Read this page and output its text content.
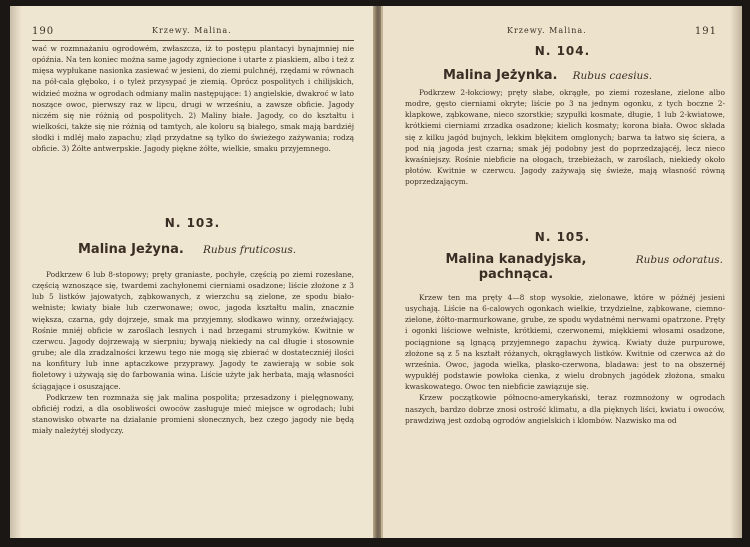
190	Krzewy. Malina.

wać w rozmnażaniu ogrodowém, zwłaszcza, iż to postępu plantacyi bynajmniej nie opóźnia. Na ten koniec można same jagody zgniecione i utarte z piaskiem, albo i też z mięsa wypłukane nasionka zasiewać w jesieni, do ziemi pulchnéj, rzędami w równach na pół-cala głęboko, i o tyleż przysypać je ziemią. Oprócz pospolitych i chilijskich, widzieć można w ogrodach odmiany malin następujące: 1) angielskie, dwakroć w lato noszące owoc, pierwszy raz w lipcu, drugi w wrześniu, a zawsze obficie. Jagody niczém się nie różnią od pospolitych. 2) Maliny białe. Jagody, co do kształtu i wielkości, także się nie różnią od tamtych, ale koloru są białego, smak mają bardziéj słodki i mdléj mało zapachu; zląd przydatne są tylko do świeżego zażywania; rodzą obficie. 3) Żółte antwerpskie. Jagody piękne żółte, wielkie, smaku przyjemnego.

N. 103.
Malina Jeżyna. Rubus fruticosus.

Podkrzew 6 lub 8-stopowy; pręty graniaste, pochyłe, częścią po ziemi rozesłane, częścią wznoszące się, twardemi zachyłonemi cierniami osadzone; liście złożone z 3 lub 5 listków jajowatych, ząbkowanych, z wierzchu są zielone, ze spodu biało-wełniste; kwiaty białe lub czerwonawe; owoc, jagoda kształtu malin, znacznie większa, czarna, gdy dojrzeje, smak ma przyjemny, słodkawo winny, orzeźwiający. Rośnie mniéj obficie w zaroślach lesnych i nad brzegami strumyków. Kwitnie w czerwcu. Jagody dojrzewają w sierpniu; bywają niekiedy na cal długie i stosownie grube; ale dla zradzalności krzewu tego nie mogą się zbierać w dostateczniéj ilości na konfitury lub inne aptaczkowe przyprawy. Jagody te zawierają w sobie sok fioletowy i używają się do farbowania wina. Liście użyte jak herbata, mają własności ściągające i osuszające.

Podkrzew ten rozmnaża się jak malina pospolita; przesadzony i pielęgnowany, obficiéj rodzi, a dla osobliwości owoców zasługuje mieć miejsce w ogrodach; lubi stanowisko otwarte na działanie promieni słonecznych, bez czego jagody nie będą miały należytéj słodyczy.

Krzewy. Malina.	191
N. 104.
Malina Jeżynka. Rubus caesius.

Podkrzew 2-łokciowy; pręty słabe, okrągłe, po ziemi rozesłane, zielone albo modre, gęsto cierniami okryte; liście po 3 na jednym ogonku, z tych boczne 2-klapkowe, ząbkowane, nieco szorstkie; szypułki kosmate, długie, 1 lub 2-kwiatowe, krótkiemi cierniami zrzadka osadzone; kielich kosmaty; korona biała. Owoc składa się z kilku jagód bujnych, lekkim błękitem omglonych; barwa ta łatwo się ściera, a pod nią jagoda jest czarna; smak jéj podobny jest do poprzedzającéj, lecz nieco kwaśniejszy. Rośnie niebficie na ołogach, trzebieżach, w zaroślach, niekiedy około płotów. Kwitnie w czerwcu. Jagody zażywają się świeże, mają własność równą poprzedzającym.

N. 105.
Rubus odoratus.
Malina kanadyjska, pachnąca.

Krzew ten ma pręty 4—8 stop wysokie, zielonawe, które w późnéj jesieni usychają. Liście na 6-calowych ogonkach wielkie, trzydzielne, ząbkowane, ciemno-zielone, żółto-marmurkowane, grube, ze spodu wydatnémi nerwami opatrzone. Pręty i ogonki liściowe wełniste, krótkiemi, czerwonemi, miękkiemi włosami osadzone, pociągnione są lgnącą przyjemnego zapachu żywicą. Kwiaty duże purpurowe, złożone są z 5 na kształt różanych, okrągławych listków. Kwitnie od czerwca aż do września. Owoc, jagoda wielka, płasko-czerwona, bladawa: jest to na obszernéj wypukłéj podstawie powłoka cienka, z wielu drobnych jagódek złożona, smaku kwaskowatego. Owoc ten niebficie zawiązuje się.

Krzew początkowie północno-amerykański, teraz rozmnożony w ogrodach naszych, bardzo dobrze znosi ostrość klimatu, a dla pięknych liści, kwiatu i owoców, prawdziwą jest ozdobą ogrodów angielskich i klombów. Nazwisko ma od
